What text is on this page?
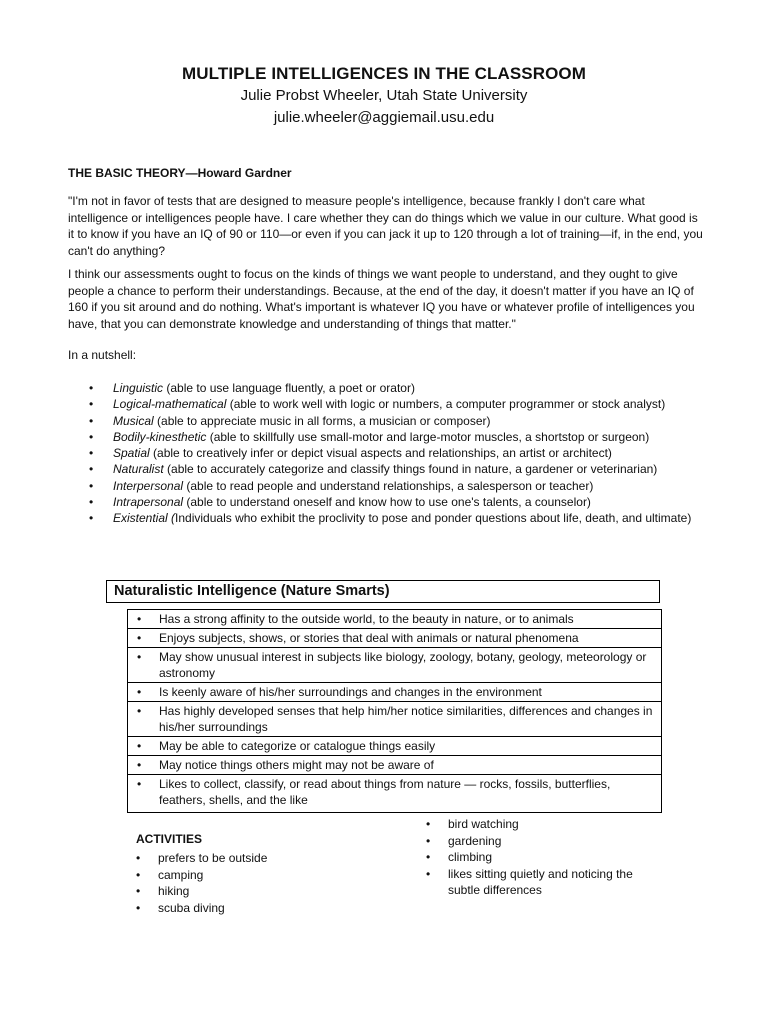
MULTIPLE INTELLIGENCES IN THE CLASSROOM

Julie Probst Wheeler, Utah State University

julie.wheeler@aggiemail.usu.edu

THE BASIC THEORY—Howard Gardner

"I'm not in favor of tests that are designed to measure people's intelligence, because frankly I don't care what intelligence or intelligences people have. I care whether they can do things which we value in our culture. What good is it to know if you have an IQ of 90 or 110—or even if you can jack it up to 120 through a lot of training—if, in the end, you can't do anything?

I think our assessments ought to focus on the kinds of things we want people to understand, and they ought to give people a chance to perform their understandings. Because, at the end of the day, it doesn't matter if you have an IQ of 160 if you sit around and do nothing. What's important is whatever IQ you have or whatever profile of intelligences you have, that you can demonstrate knowledge and understanding of things that matter."

In a nutshell:

• Linguistic (able to use language fluently, a poet or orator)
• Logical-mathematical (able to work well with logic or numbers, a computer programmer or stock analyst)
• Musical (able to appreciate music in all forms, a musician or composer)
• Bodily-kinesthetic (able to skillfully use small-motor and large-motor muscles, a shortstop or surgeon)
• Spatial (able to creatively infer or depict visual aspects and relationships, an artist or architect)
• Naturalist (able to accurately categorize and classify things found in nature, a gardener or veterinarian)
• Interpersonal (able to read people and understand relationships, a salesperson or teacher)
• Intrapersonal (able to understand oneself and know how to use one's talents, a counselor)
• Existential (Individuals who exhibit the proclivity to pose and ponder questions about life, death, and ultimate)
Naturalistic Intelligence (Nature Smarts)
• Has a strong affinity to the outside world, to the beauty in nature, or to animals
• Enjoys subjects, shows, or stories that deal with animals or natural phenomena
• May show unusual interest in subjects like biology, zoology, botany, geology, meteorology or astronomy
• Is keenly aware of his/her surroundings and changes in the environment
• Has highly developed senses that help him/her notice similarities, differences and changes in his/her surroundings
• May be able to categorize or catalogue things easily
• May notice things others might may not be aware of
• Likes to collect, classify, or read about things from nature — rocks, fossils, butterflies, feathers, shells, and the like

ACTIVITIES

• prefers to be outside
• camping
• hiking
• scuba diving
• bird watching
• gardening
• climbing
• likes sitting quietly and noticing the subtle differences
